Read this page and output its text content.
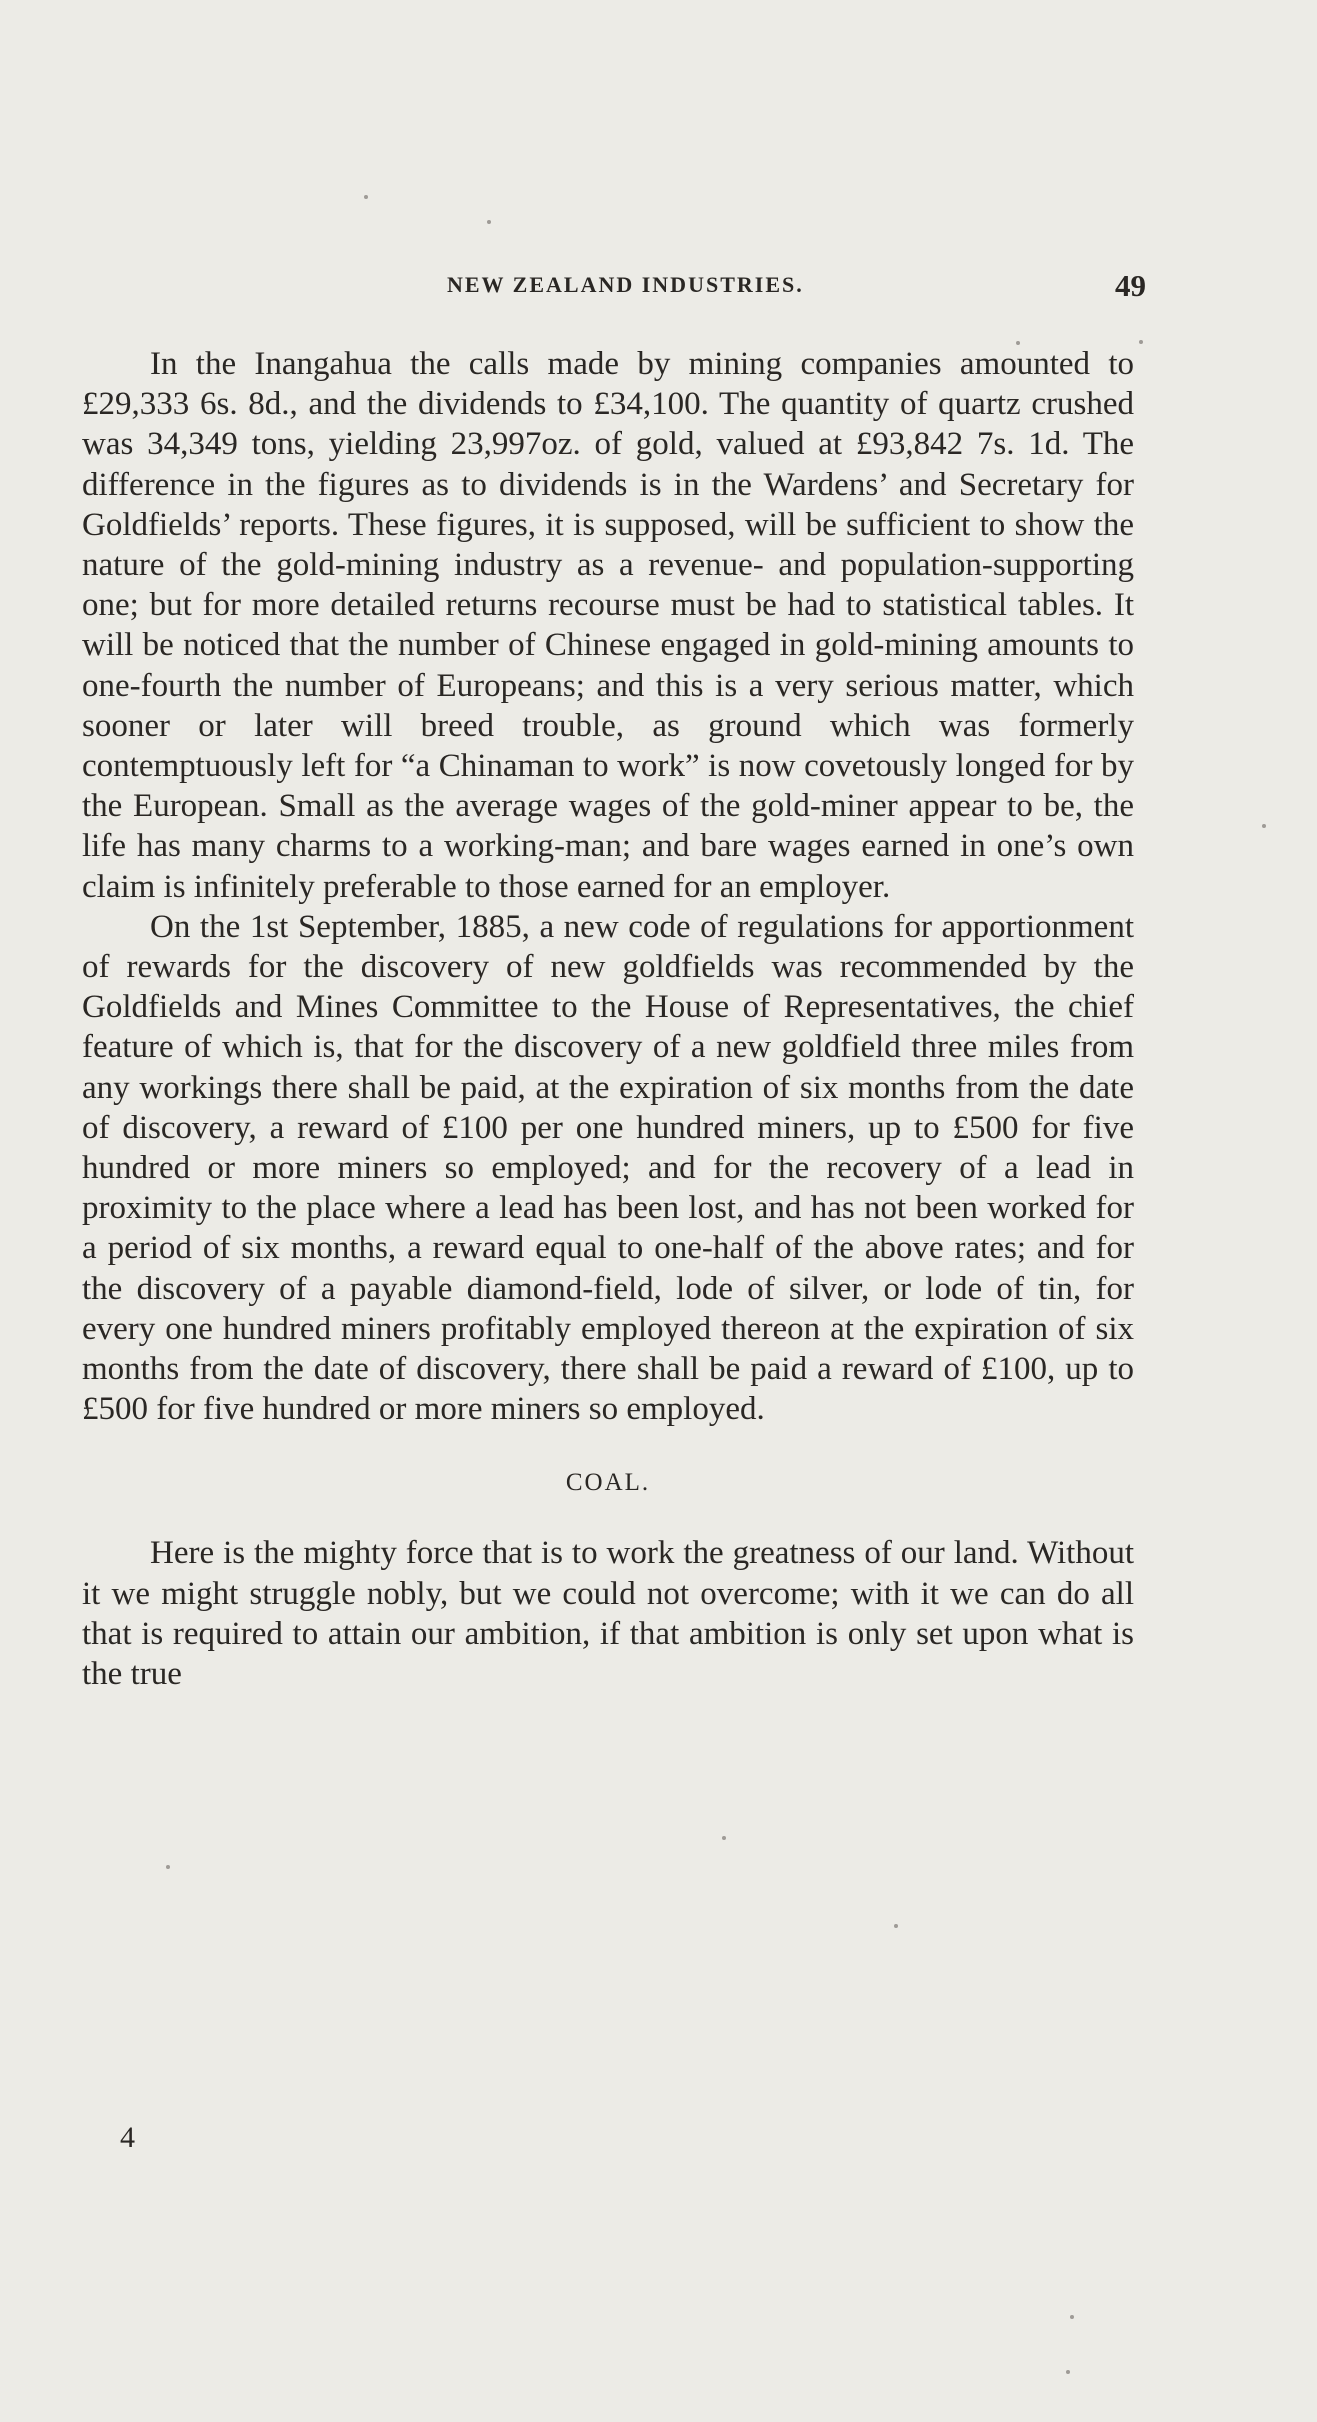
NEW ZEALAND INDUSTRIES.	49

In the Inangahua the calls made by mining companies amounted to £29,333 6s. 8d., and the dividends to £34,100. The quantity of quartz crushed was 34,349 tons, yielding 23,997oz. of gold, valued at £93,842 7s. 1d. The difference in the figures as to dividends is in the Wardens’ and Secretary for Goldfields’ reports. These figures, it is supposed, will be sufficient to show the nature of the gold-mining industry as a revenue- and population-supporting one; but for more detailed returns recourse must be had to statistical tables. It will be noticed that the number of Chinese engaged in gold-mining amounts to one-fourth the number of Europeans; and this is a very serious matter, which sooner or later will breed trouble, as ground which was formerly contemptuously left for “a Chinaman to work” is now covetously longed for by the European. Small as the average wages of the gold-miner appear to be, the life has many charms to a working-man; and bare wages earned in one’s own claim is infinitely preferable to those earned for an employer.

On the 1st September, 1885, a new code of regulations for apportionment of rewards for the discovery of new goldfields was recommended by the Goldfields and Mines Committee to the House of Representatives, the chief feature of which is, that for the discovery of a new goldfield three miles from any workings there shall be paid, at the expiration of six months from the date of discovery, a reward of £100 per one hundred miners, up to £500 for five hundred or more miners so employed; and for the recovery of a lead in proximity to the place where a lead has been lost, and has not been worked for a period of six months, a reward equal to one-half of the above rates; and for the discovery of a payable diamond-field, lode of silver, or lode of tin, for every one hundred miners profitably employed thereon at the expiration of six months from the date of discovery, there shall be paid a reward of £100, up to £500 for five hundred or more miners so employed.

COAL.

Here is the mighty force that is to work the greatness of our land. Without it we might struggle nobly, but we could not overcome; with it we can do all that is required to attain our ambition, if that ambition is only set upon what is the true

4
